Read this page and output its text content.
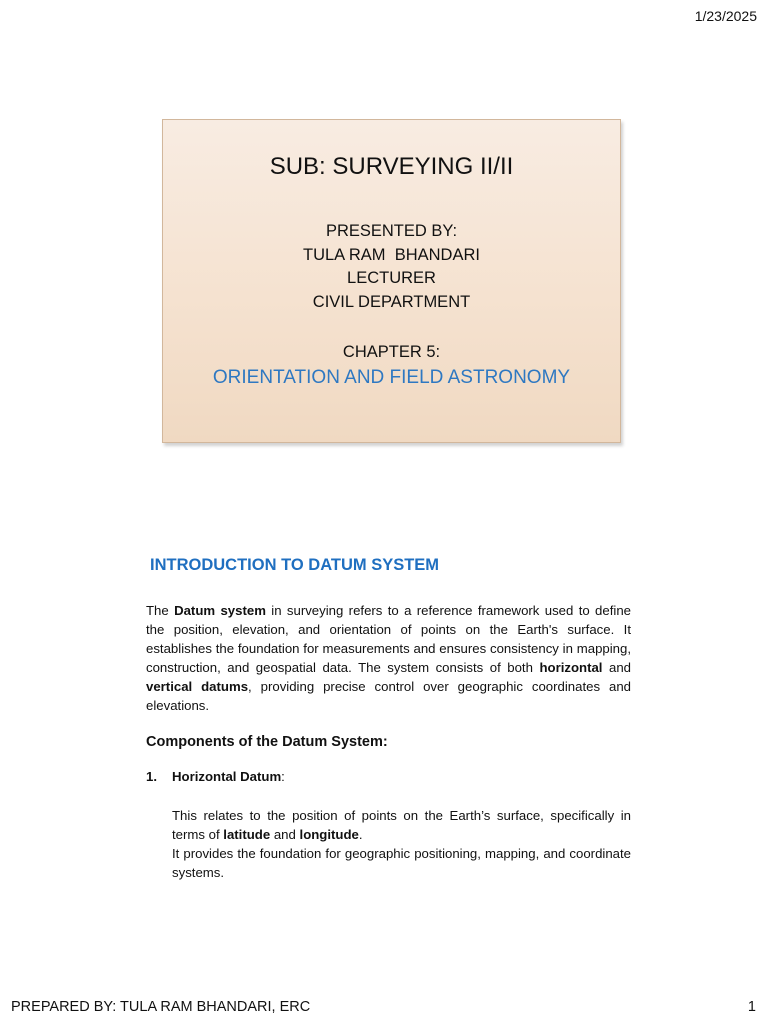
1/23/2025
SUB: SURVEYING II/II
PRESENTED BY:
TULA RAM  BHANDARI
LECTURER
CIVIL DEPARTMENT
CHAPTER 5:
ORIENTATION AND FIELD ASTRONOMY
INTRODUCTION TO DATUM SYSTEM
The Datum system in surveying refers to a reference framework used to define the position, elevation, and orientation of points on the Earth's surface. It establishes the foundation for measurements and ensures consistency in mapping, construction, and geospatial data. The system consists of both horizontal and vertical datums, providing precise control over geographic coordinates and elevations.
Components of the Datum System:
1. Horizontal Datum:
This relates to the position of points on the Earth’s surface, specifically in terms of latitude and longitude.
It provides the foundation for geographic positioning, mapping, and coordinate systems.
PREPARED BY: TULA RAM BHANDARI, ERC	1
